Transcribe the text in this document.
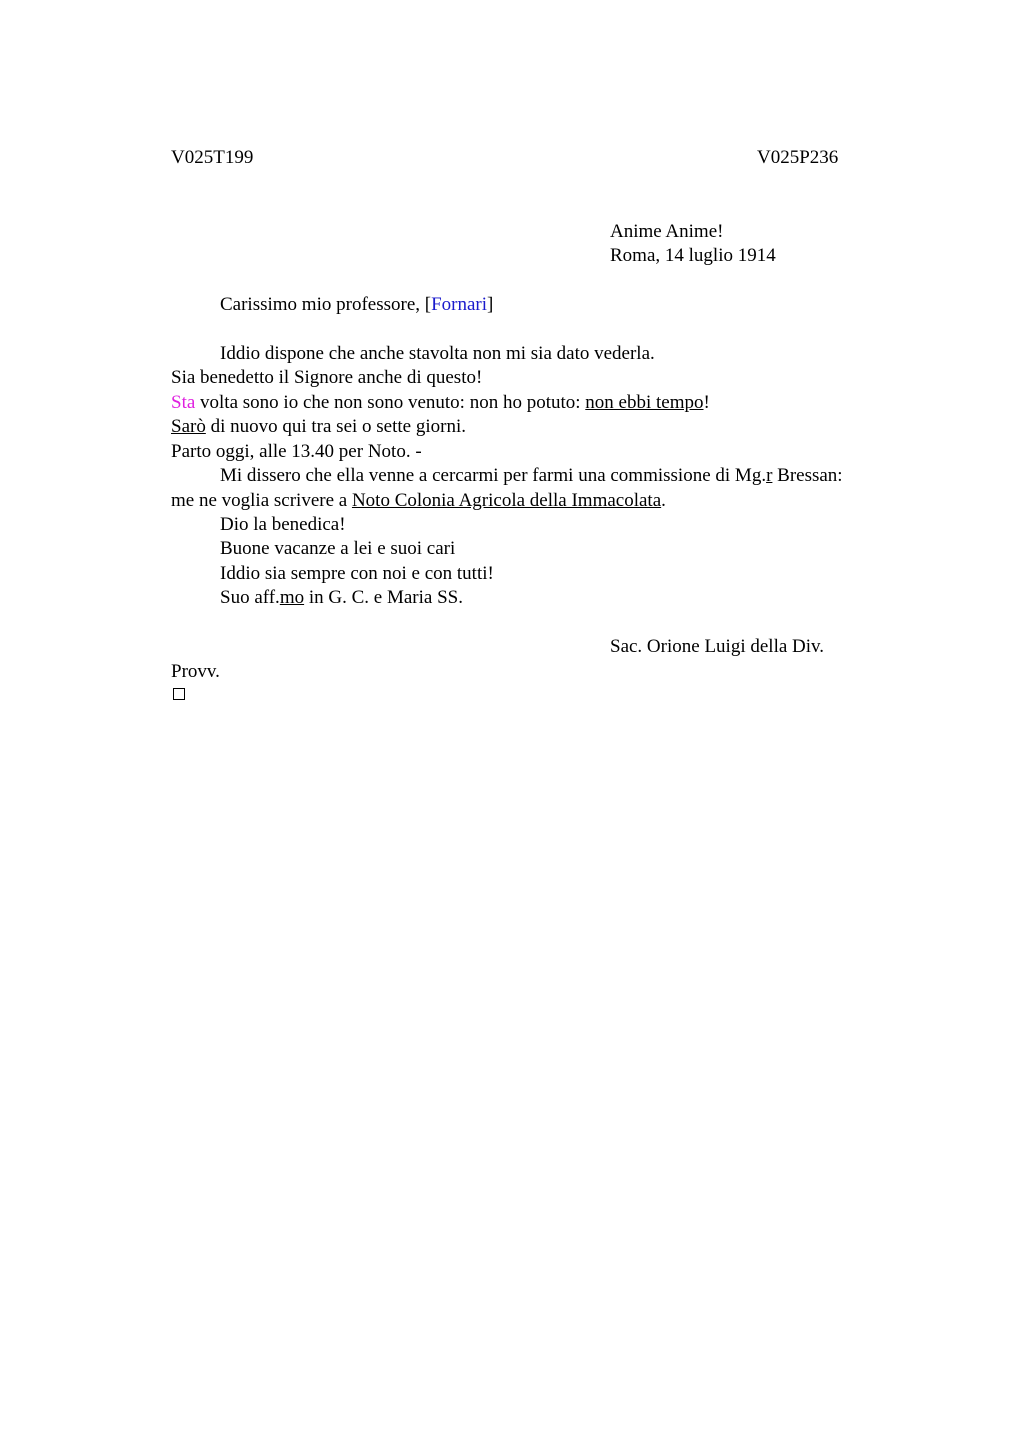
V025T199	V025P236
Anime Anime!
Roma, 14 luglio 1914
Carissimo mio professore, [Fornari]
Iddio dispone che anche stavolta non mi sia dato vederla.
Sia benedetto il Signore anche di questo!
Sta volta sono io che non sono venuto: non ho potuto: non ebbi tempo!
Sarò di nuovo qui tra sei o sette giorni.
Parto oggi, alle 13.40 per Noto. -
Mi dissero che ella venne a cercarmi per farmi una commissione di Mg.r Bressan:
me ne voglia scrivere a Noto Colonia Agricola della Immacolata.
Dio la benedica!
Buone vacanze a lei e suoi cari
Iddio sia sempre con noi e con tutti!
Suo aff.mo in G. C. e Maria SS.
Sac. Orione Luigi della Div.
Provv.
